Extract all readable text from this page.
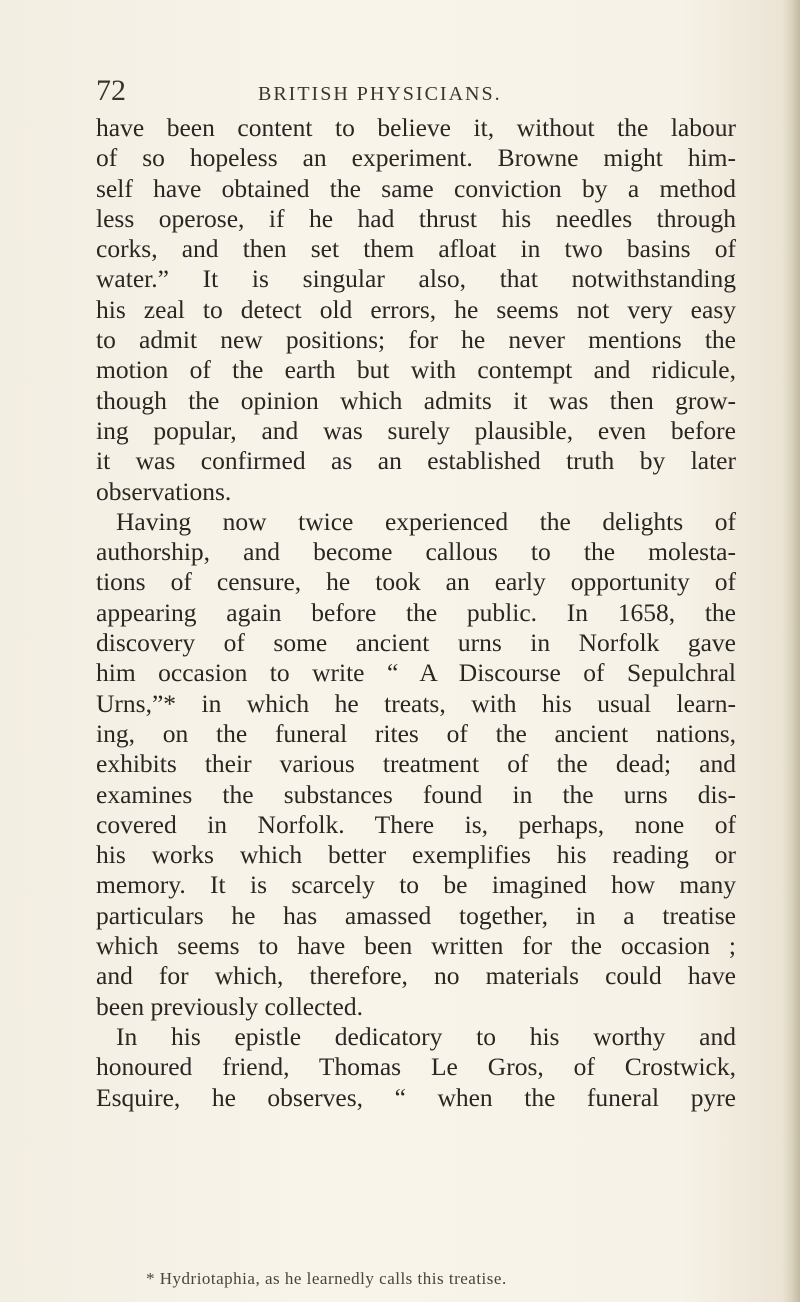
72	BRITISH PHYSICIANS.
have been content to believe it, without the labour
of so hopeless an experiment. Browne might him-
self have obtained the same conviction by a method
less operose, if he had thrust his needles through
corks, and then set them afloat in two basins of
water.” It is singular also, that notwithstanding
his zeal to detect old errors, he seems not very easy
to admit new positions; for he never mentions the
motion of the earth but with contempt and ridicule,
though the opinion which admits it was then grow-
ing popular, and was surely plausible, even before
it was confirmed as an established truth by later
observations.
Having now twice experienced the delights of
authorship, and become callous to the molesta-
tions of censure, he took an early opportunity of
appearing again before the public. In 1658, the
discovery of some ancient urns in Norfolk gave
him occasion to write “ A Discourse of Sepulchral
Urns,”* in which he treats, with his usual learn-
ing, on the funeral rites of the ancient nations,
exhibits their various treatment of the dead; and
examines the substances found in the urns dis-
covered in Norfolk. There is, perhaps, none of
his works which better exemplifies his reading or
memory. It is scarcely to be imagined how many
particulars he has amassed together, in a treatise
which seems to have been written for the occasion ;
and for which, therefore, no materials could have
been previously collected.
In his epistle dedicatory to his worthy and
honoured friend, Thomas Le Gros, of Crostwick,
Esquire, he observes, “ when the funeral pyre
* Hydriotaphia, as he learnedly calls this treatise.
